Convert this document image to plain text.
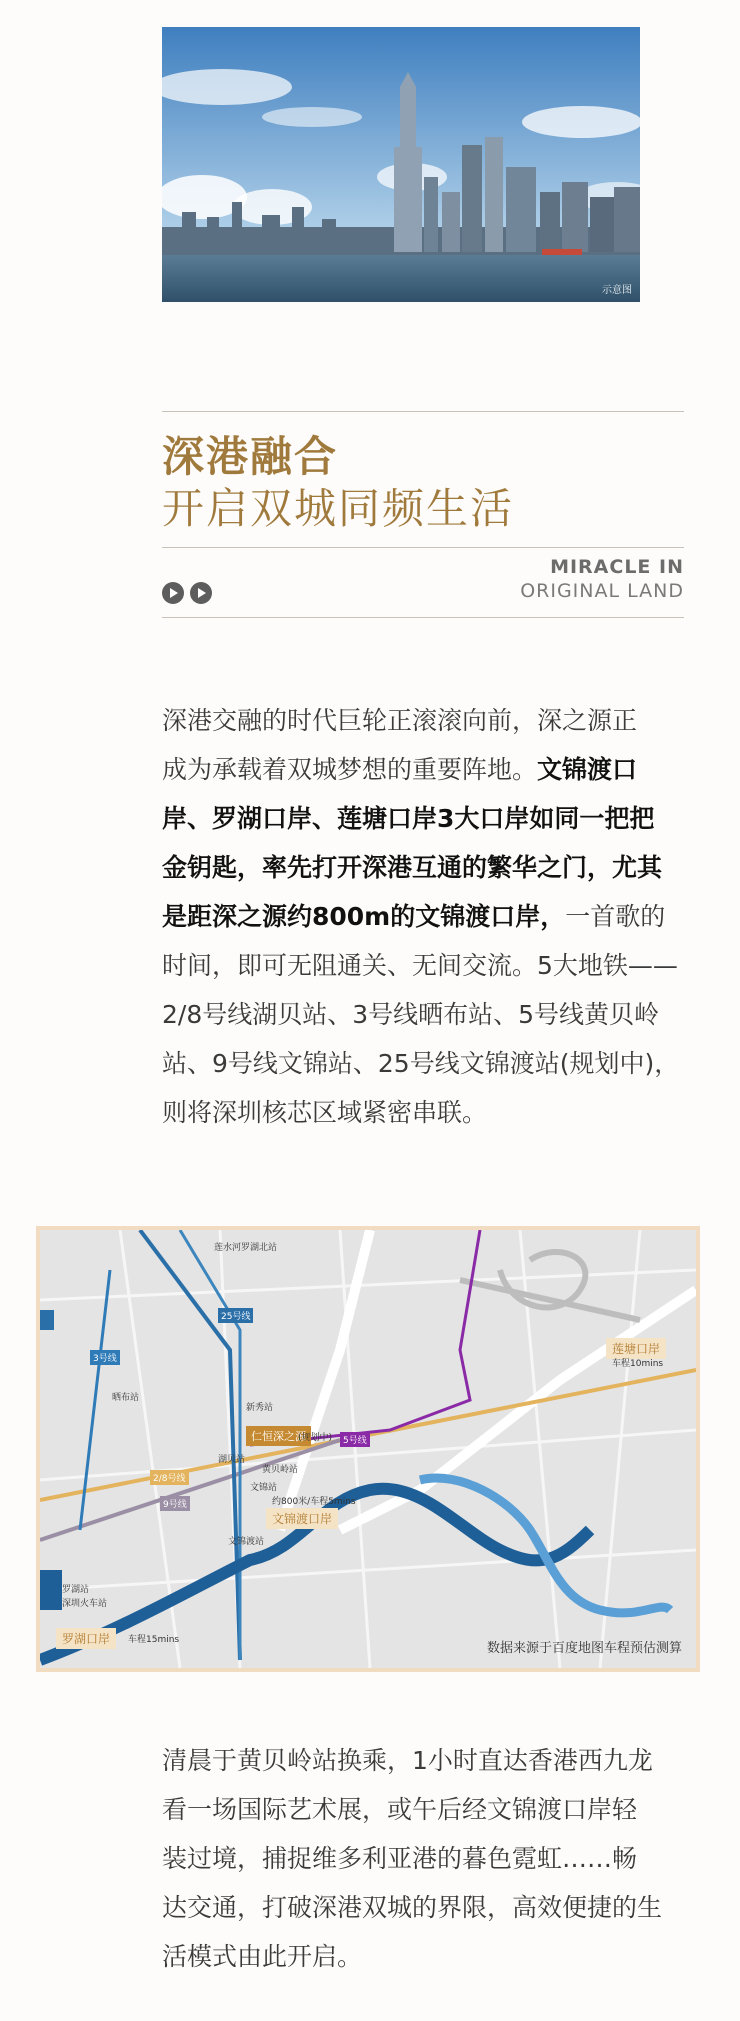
示意图
深港融合
开启双城同频生活
MIRACLE IN
ORIGINAL LAND
深港交融的时代巨轮正滚滚向前，深之源正
成为承载着双城梦想的重要阵地。文锦渡口
岸、罗湖口岸、莲塘口岸3大口岸如同一把把
金钥匙，率先打开深港互通的繁华之门，尤其
是距深之源约800m的文锦渡口岸，一首歌的
时间，即可无阻通关、无间交流。5大地铁——
2/8号线湖贝站、3号线晒布站、5号线黄贝岭
站、9号线文锦站、25号线文锦渡站(规划中)，
则将深圳核芯区域紧密串联。
莲水河罗湖北站
新秀站
晒布站
湖贝站
黄贝岭站
文锦站
文锦渡站
罗湖站
深圳火车站
25号线
3号线
2/8号线
9号线
5号线
仁恒深之源
(规划中)
约800米/车程5mins
文锦渡口岸
莲塘口岸
车程10mins
罗湖口岸	车程15mins
数据来源于百度地图车程预估测算
清晨于黄贝岭站换乘，1小时直达香港西九龙
看一场国际艺术展，或午后经文锦渡口岸轻
装过境，捕捉维多利亚港的暮色霓虹……畅
达交通，打破深港双城的界限，高效便捷的生
活模式由此开启。
